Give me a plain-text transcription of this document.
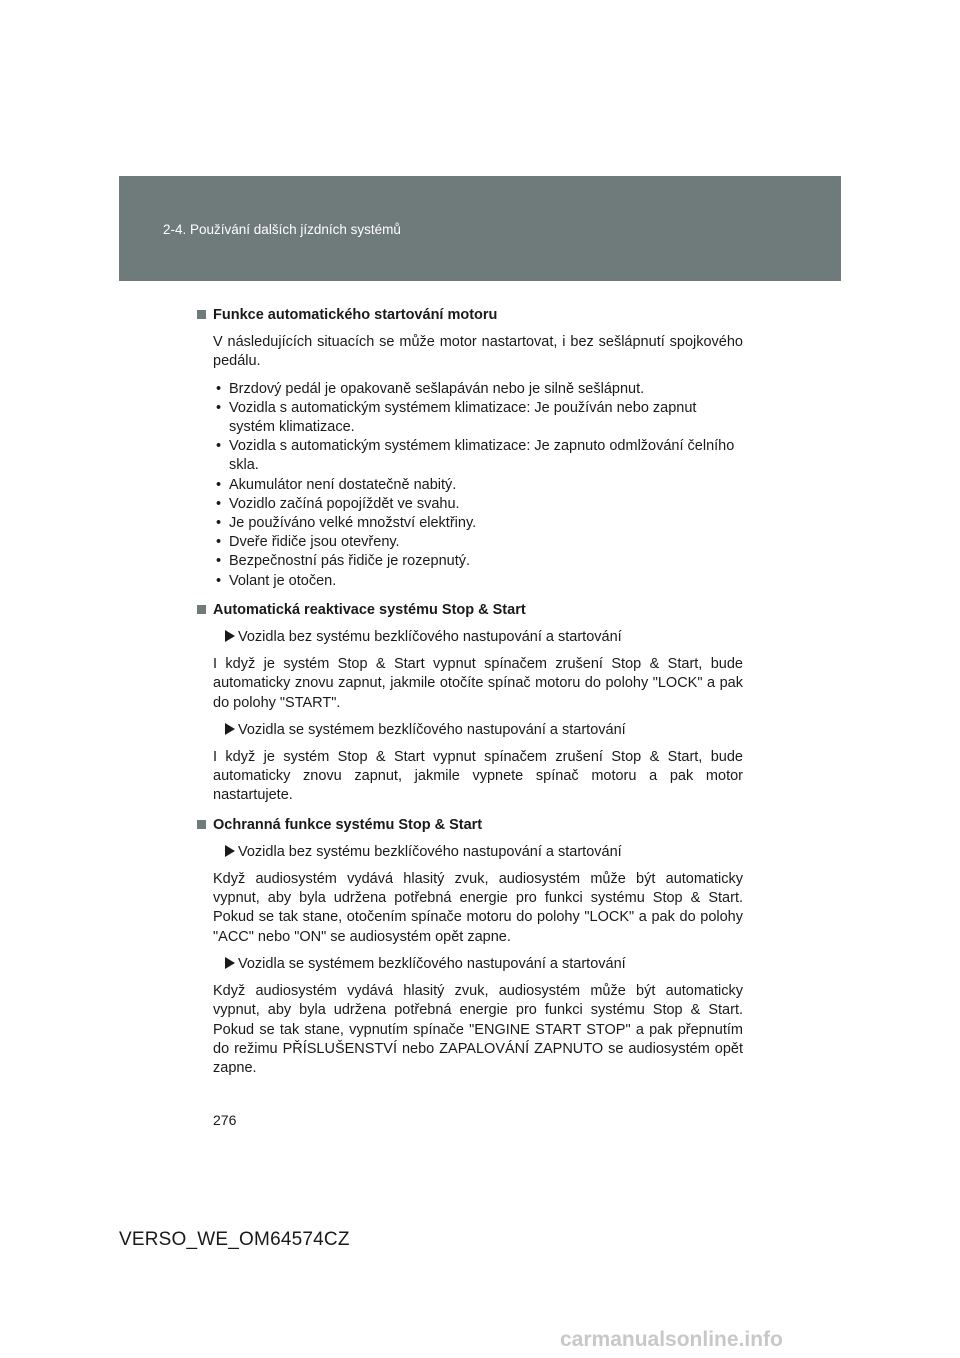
2-4. Používání dalších jízdních systémů
Funkce automatického startování motoru
V následujících situacích se může motor nastartovat, i bez sešlápnutí spojkového pedálu.
• Brzdový pedál je opakovaně sešlapáván nebo je silně sešlápnut.
• Vozidla s automatickým systémem klimatizace: Je používán nebo zapnut systém klimatizace.
• Vozidla s automatickým systémem klimatizace: Je zapnuto odmlžování čelního skla.
• Akumulátor není dostatečně nabitý.
• Vozidlo začíná popojíždět ve svahu.
• Je používáno velké množství elektřiny.
• Dveře řidiče jsou otevřeny.
• Bezpečnostní pás řidiče je rozepnutý.
• Volant je otočen.
Automatická reaktivace systému Stop & Start
Vozidla bez systému bezklíčového nastupování a startování
I když je systém Stop & Start vypnut spínačem zrušení Stop & Start, bude automaticky znovu zapnut, jakmile otočíte spínač motoru do polohy "LOCK" a pak do polohy "START".
Vozidla se systémem bezklíčového nastupování a startování
I když je systém Stop & Start vypnut spínačem zrušení Stop & Start, bude automaticky znovu zapnut, jakmile vypnete spínač motoru a pak motor nastartujete.
Ochranná funkce systému Stop & Start
Vozidla bez systému bezklíčového nastupování a startování
Když audiosystém vydává hlasitý zvuk, audiosystém může být automaticky vypnut, aby byla udržena potřebná energie pro funkci systému Stop & Start. Pokud se tak stane, otočením spínače motoru do polohy "LOCK" a pak do polohy "ACC" nebo "ON" se audiosystém opět zapne.
Vozidla se systémem bezklíčového nastupování a startování
Když audiosystém vydává hlasitý zvuk, audiosystém může být automaticky vypnut, aby byla udržena potřebná energie pro funkci systému Stop & Start. Pokud se tak stane, vypnutím spínače "ENGINE START STOP" a pak přepnutím do režimu PŘÍSLUŠENSTVÍ nebo ZAPALOVÁNÍ ZAPNUTO se audiosystém opět zapne.
276
VERSO_WE_OM64574CZ
carmanualsonline.info
